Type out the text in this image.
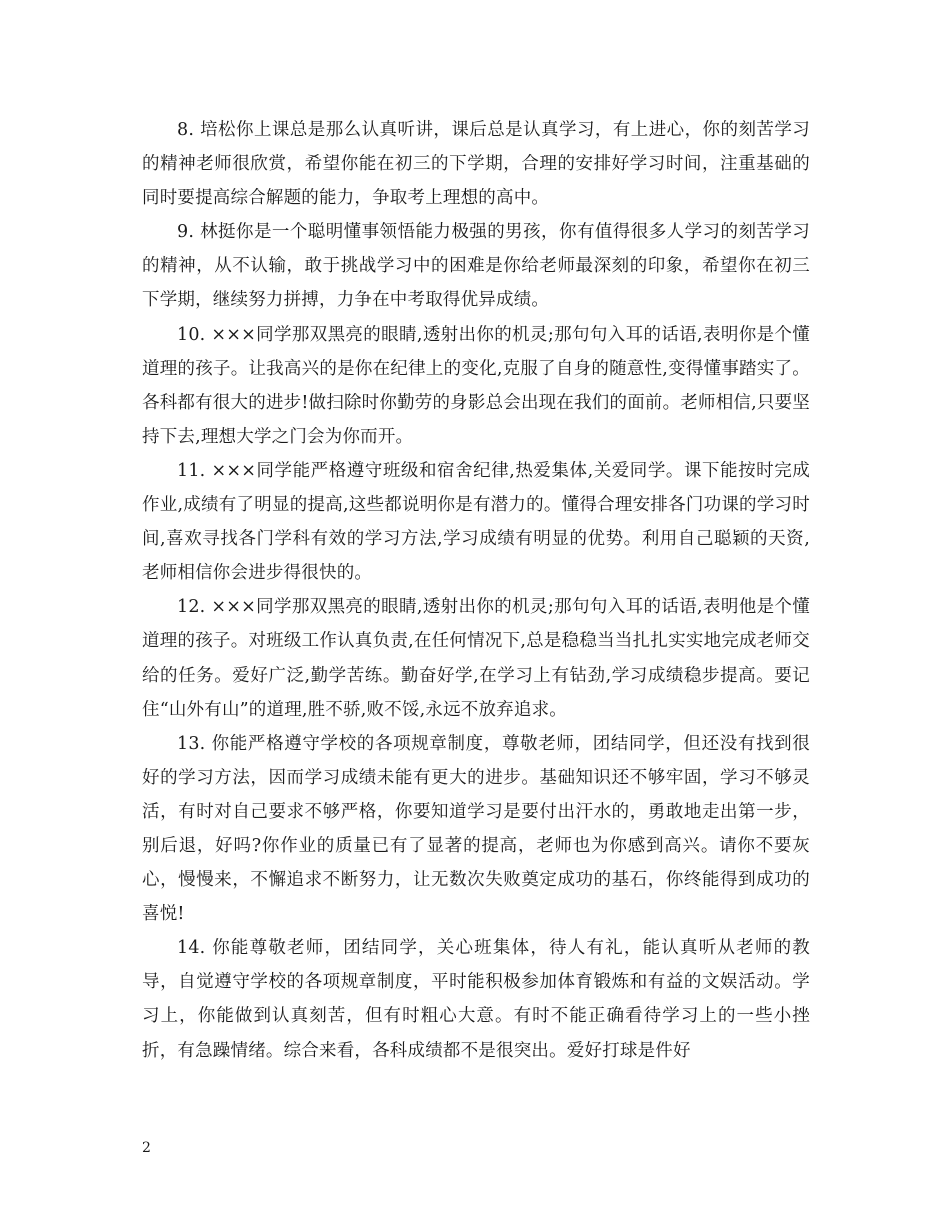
8. 培松你上课总是那么认真听讲，课后总是认真学习，有上进心，你的刻苦学习的精神老师很欣赏，希望你能在初三的下学期，合理的安排好学习时间，注重基础的同时要提高综合解题的能力，争取考上理想的高中。

9. 林挺你是一个聪明懂事领悟能力极强的男孩，你有值得很多人学习的刻苦学习的精神，从不认输，敢于挑战学习中的困难是你给老师最深刻的印象，希望你在初三下学期，继续努力拼搏，力争在中考取得优异成绩。

10. ×××同学那双黑亮的眼睛,透射出你的机灵;那句句入耳的话语,表明你是个懂道理的孩子。让我高兴的是你在纪律上的变化,克服了自身的随意性,变得懂事踏实了。各科都有很大的进步!做扫除时你勤劳的身影总会出现在我们的面前。老师相信,只要坚持下去,理想大学之门会为你而开。

11. ×××同学能严格遵守班级和宿舍纪律,热爱集体,关爱同学。课下能按时完成作业,成绩有了明显的提高,这些都说明你是有潜力的。懂得合理安排各门功课的学习时间,喜欢寻找各门学科有效的学习方法,学习成绩有明显的优势。利用自己聪颖的天资,老师相信你会进步得很快的。

12. ×××同学那双黑亮的眼睛,透射出你的机灵;那句句入耳的话语,表明他是个懂道理的孩子。对班级工作认真负责,在任何情况下,总是稳稳当当扎扎实实地完成老师交给的任务。爱好广泛,勤学苦练。勤奋好学,在学习上有钻劲,学习成绩稳步提高。要记住“山外有山”的道理,胜不骄,败不馁,永远不放弃追求。

13. 你能严格遵守学校的各项规章制度，尊敬老师，团结同学，但还没有找到很好的学习方法，因而学习成绩未能有更大的进步。基础知识还不够牢固，学习不够灵活，有时对自己要求不够严格，你要知道学习是要付出汗水的，勇敢地走出第一步，别后退，好吗?你作业的质量已有了显著的提高，老师也为你感到高兴。请你不要灰心，慢慢来，不懈追求不断努力，让无数次失败奠定成功的基石，你终能得到成功的喜悦!

14. 你能尊敬老师，团结同学，关心班集体，待人有礼，能认真听从老师的教导，自觉遵守学校的各项规章制度，平时能积极参加体育锻炼和有益的文娱活动。学习上，你能做到认真刻苦，但有时粗心大意。有时不能正确看待学习上的一些小挫折，有急躁情绪。综合来看，各科成绩都不是很突出。爱好打球是件好

2
